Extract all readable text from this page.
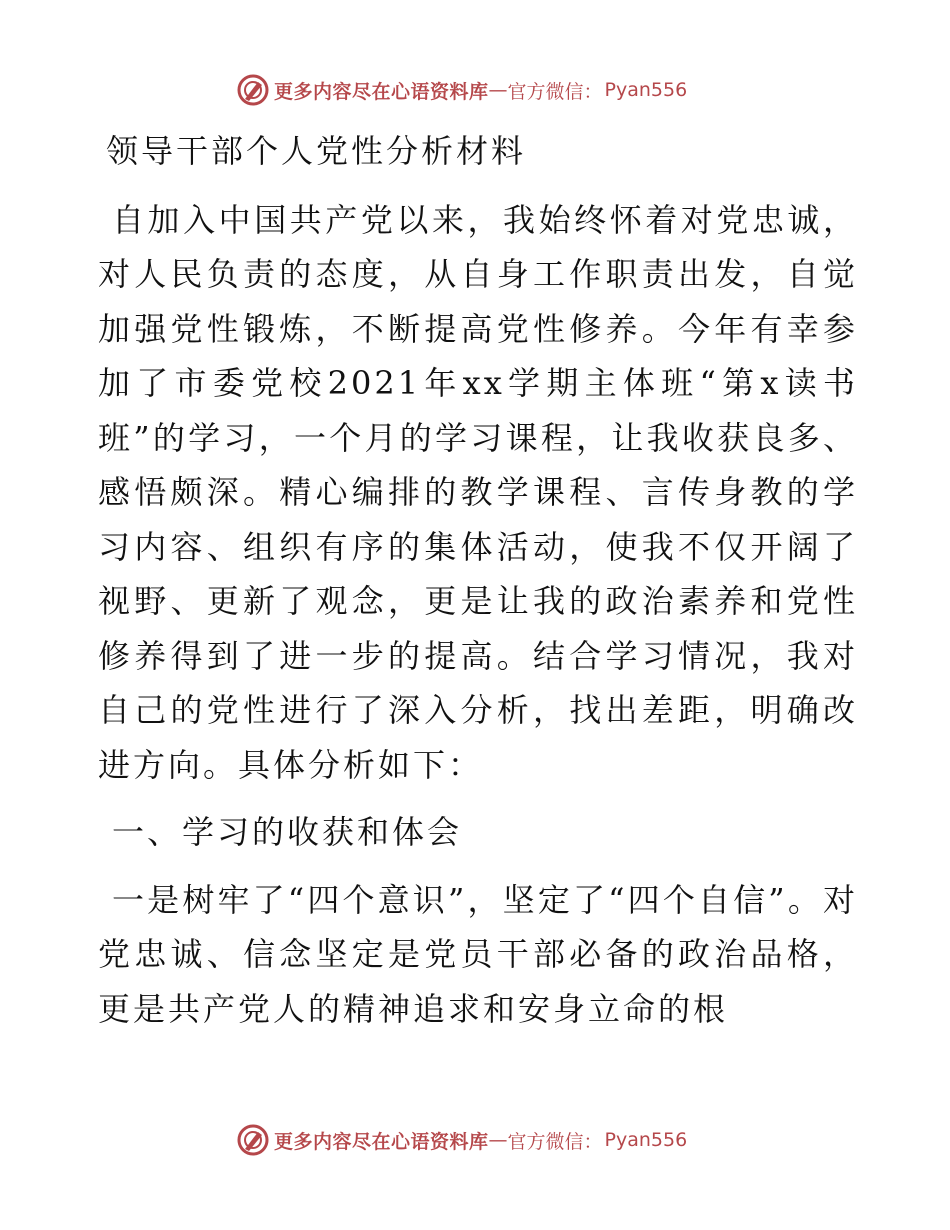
更多内容尽在心语资料库 — 官方微信： Pyan556

领导干部个人党性分析材料

自加入中国共产党以来，我始终怀着对党忠诚，对人民负责的态度，从自身工作职责出发，自觉加强党性锻炼，不断提高党性修养。今年有幸参加了市委党校2021年xx学期主体班“第x读书班”的学习，一个月的学习课程，让我收获良多、感悟颇深。精心编排的教学课程、言传身教的学习内容、组织有序的集体活动，使我不仅开阔了视野、更新了观念，更是让我的政治素养和党性修养得到了进一步的提高。结合学习情况，我对自己的党性进行了深入分析，找出差距，明确改进方向。具体分析如下：

一、学习的收获和体会

一是树牢了“四个意识”，坚定了“四个自信”。对党忠诚、信念坚定是党员干部必备的政治品格，更是共产党人的精神追求和安身立命的根

更多内容尽在心语资料库 — 官方微信： Pyan556
